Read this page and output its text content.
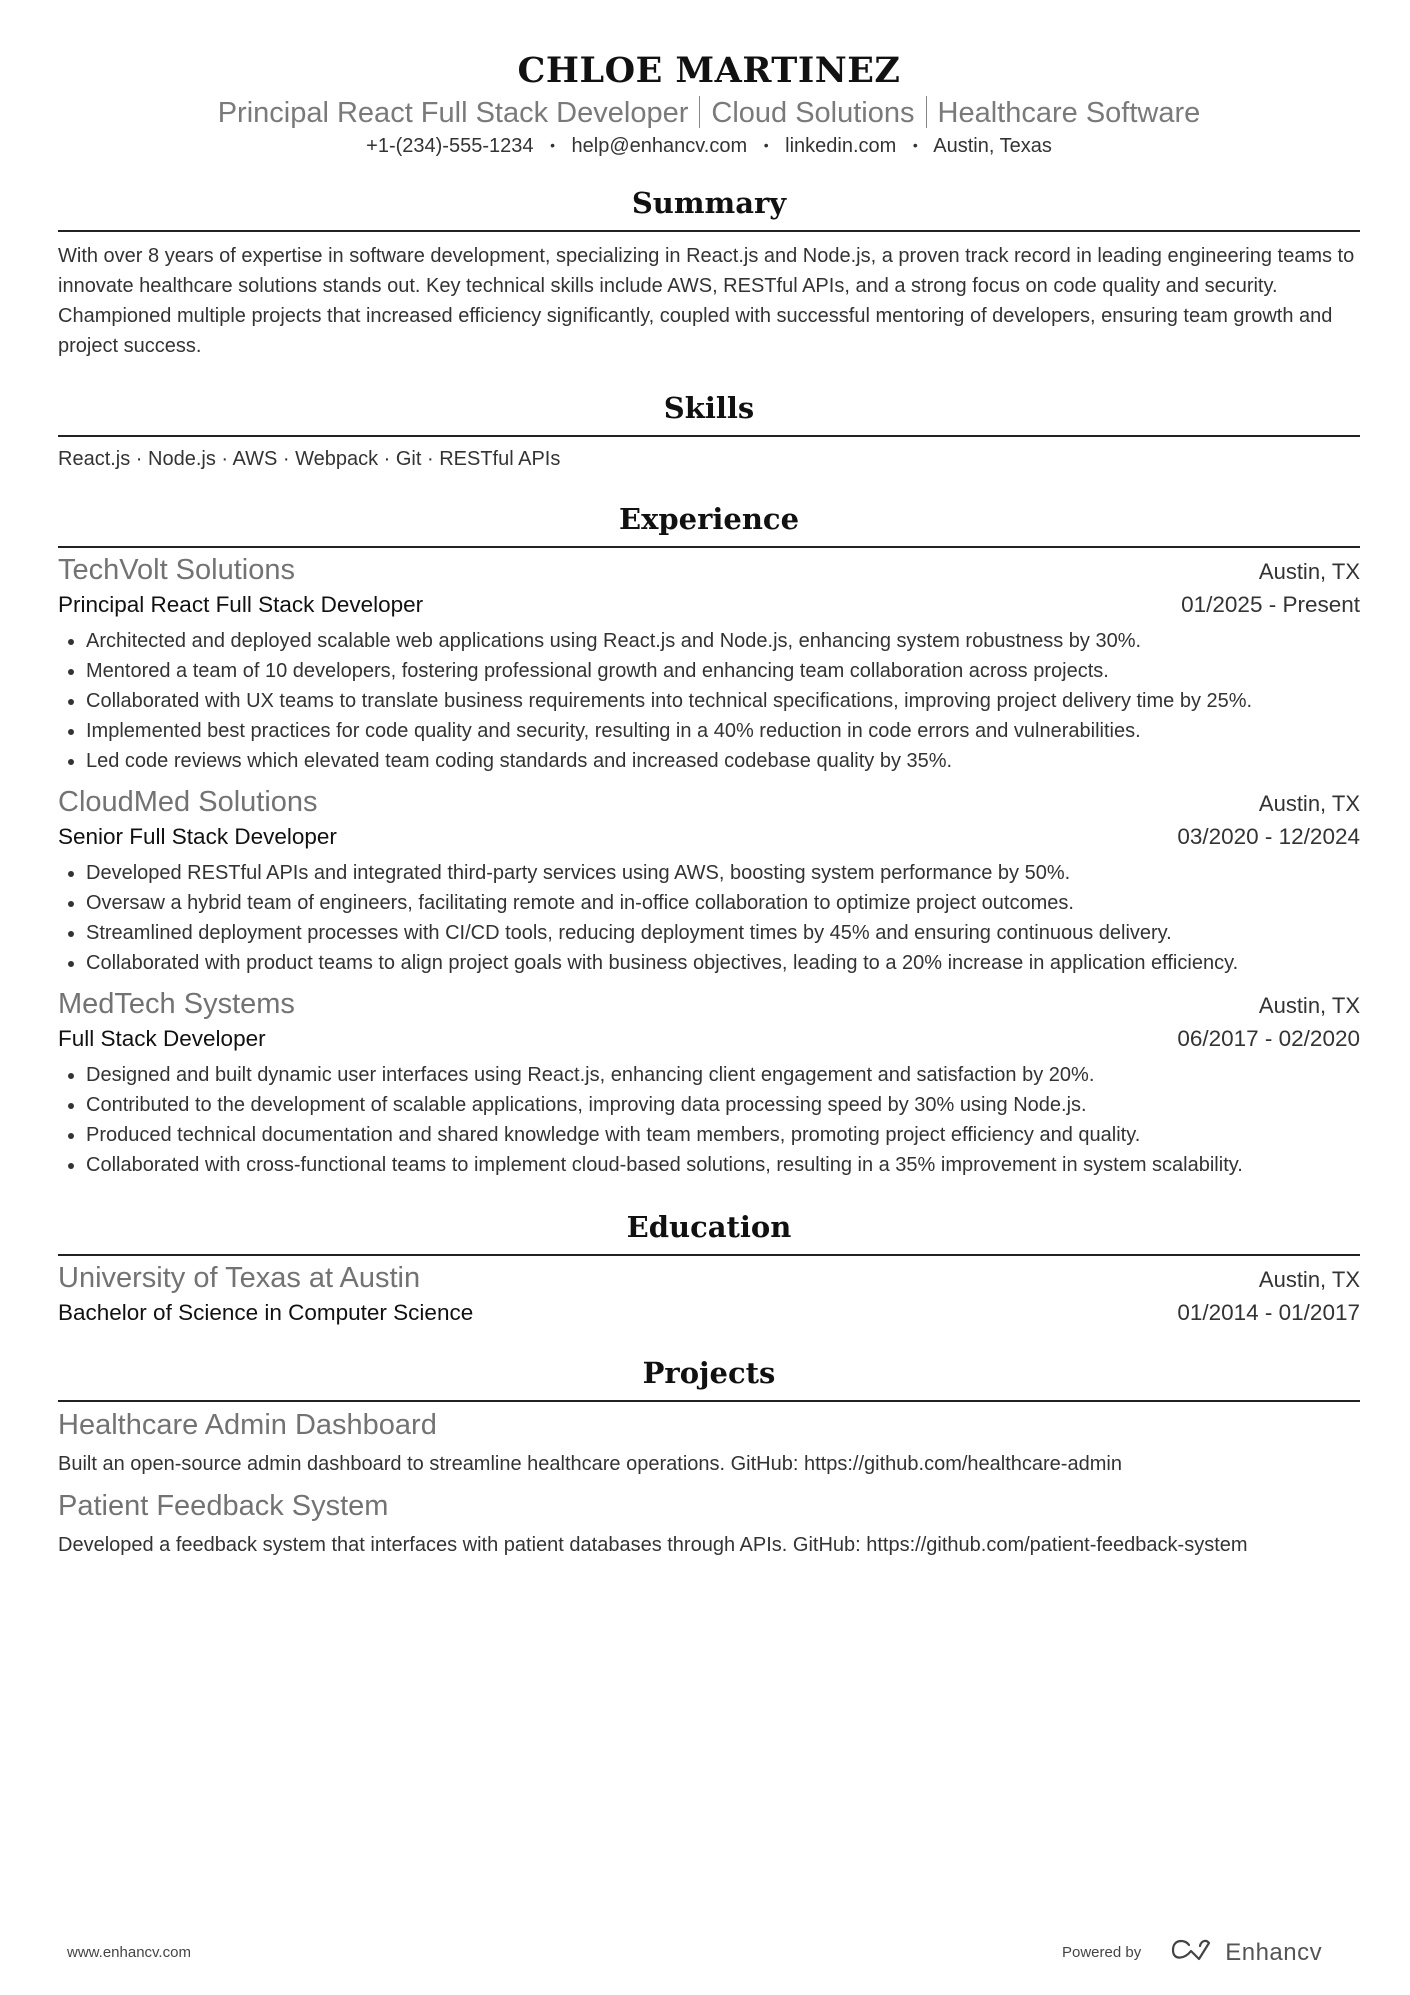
CHLOE MARTINEZ
Principal React Full Stack Developer Cloud Solutions Healthcare Software
+1-(234)-555-1234 • help@enhancv.com • linkedin.com • Austin, Texas
Summary
With over 8 years of expertise in software development, specializing in React.js and Node.js, a proven track record in leading engineering teams to innovate healthcare solutions stands out. Key technical skills include AWS, RESTful APIs, and a strong focus on code quality and security. Championed multiple projects that increased efficiency significantly, coupled with successful mentoring of developers, ensuring team growth and project success.
Skills
React.js · Node.js · AWS · Webpack · Git · RESTful APIs
Experience
TechVolt Solutions	Austin, TX
Principal React Full Stack Developer	01/2025 - Present
Architected and deployed scalable web applications using React.js and Node.js, enhancing system robustness by 30%.
Mentored a team of 10 developers, fostering professional growth and enhancing team collaboration across projects.
Collaborated with UX teams to translate business requirements into technical specifications, improving project delivery time by 25%.
Implemented best practices for code quality and security, resulting in a 40% reduction in code errors and vulnerabilities.
Led code reviews which elevated team coding standards and increased codebase quality by 35%.
CloudMed Solutions	Austin, TX
Senior Full Stack Developer	03/2020 - 12/2024
Developed RESTful APIs and integrated third-party services using AWS, boosting system performance by 50%.
Oversaw a hybrid team of engineers, facilitating remote and in-office collaboration to optimize project outcomes.
Streamlined deployment processes with CI/CD tools, reducing deployment times by 45% and ensuring continuous delivery.
Collaborated with product teams to align project goals with business objectives, leading to a 20% increase in application efficiency.
MedTech Systems	Austin, TX
Full Stack Developer	06/2017 - 02/2020
Designed and built dynamic user interfaces using React.js, enhancing client engagement and satisfaction by 20%.
Contributed to the development of scalable applications, improving data processing speed by 30% using Node.js.
Produced technical documentation and shared knowledge with team members, promoting project efficiency and quality.
Collaborated with cross-functional teams to implement cloud-based solutions, resulting in a 35% improvement in system scalability.
Education
University of Texas at Austin	Austin, TX
Bachelor of Science in Computer Science	01/2014 - 01/2017
Projects
Healthcare Admin Dashboard
Built an open-source admin dashboard to streamline healthcare operations. GitHub: https://github.com/healthcare-admin
Patient Feedback System
Developed a feedback system that interfaces with patient databases through APIs. GitHub: https://github.com/patient-feedback-system
www.enhancv.com	Powered by	Enhancv
